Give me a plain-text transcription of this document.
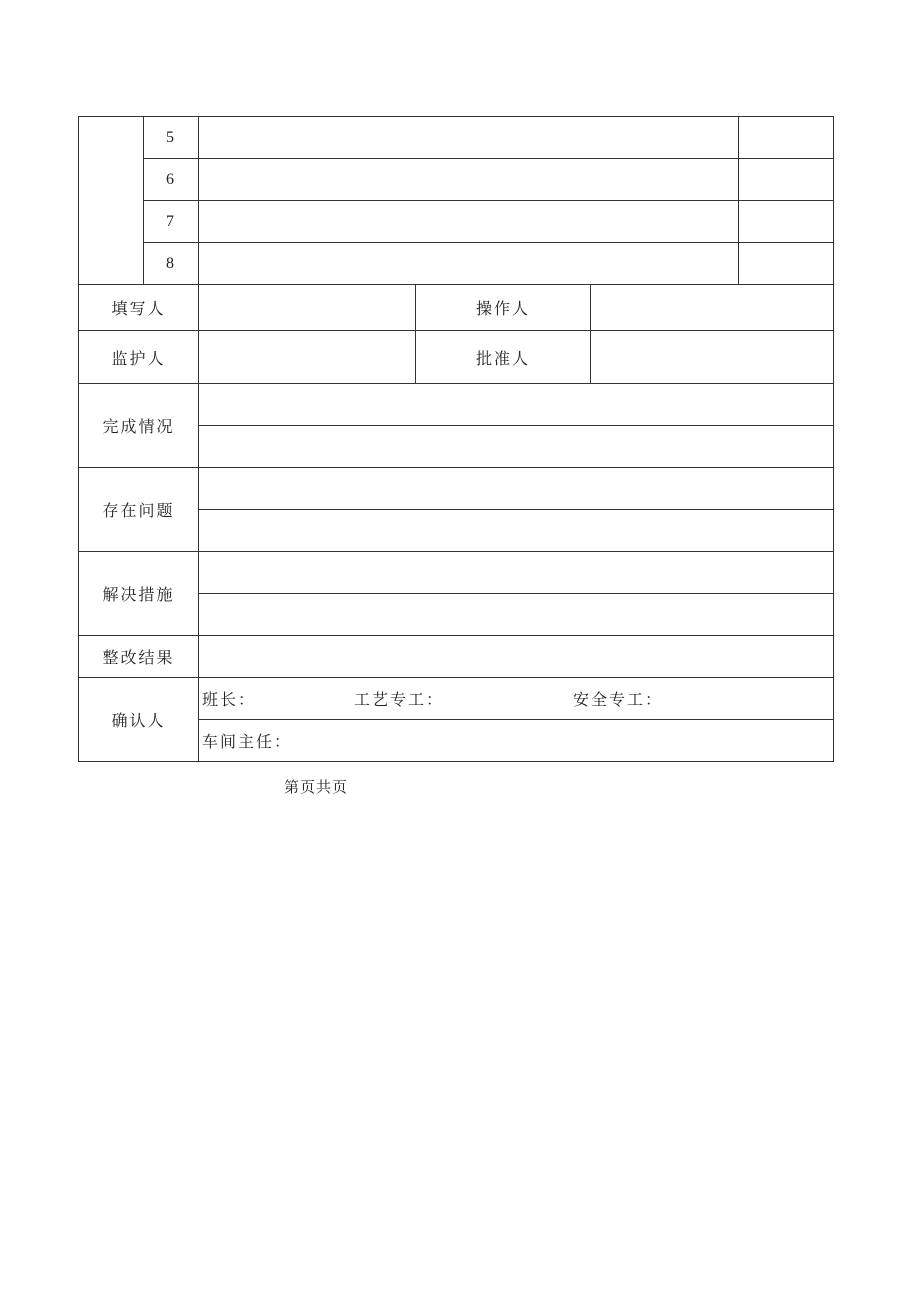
	5				
	6				
	7				
	8				
填写人			操作人		
监护人			批准人		
完成情况					

存在问题					

解决措施					

整改结果					
确认人		班长： 工艺专工： 安全专工：			
		车间主任：			
第页共页
